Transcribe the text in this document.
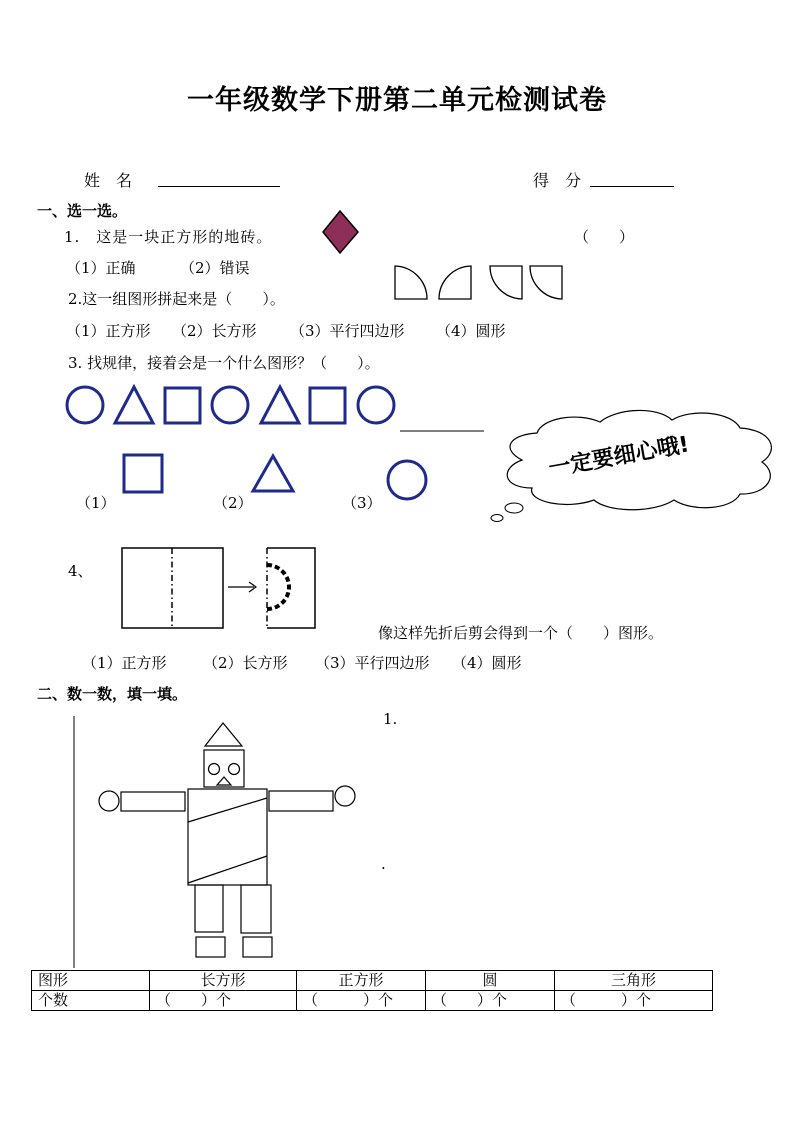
一年级数学下册第二单元检测试卷
姓　名	得　分
一、选一选。
1.　这是一块正方形的地砖。	（　　）
（1）正确	（2）错误
2.这一组图形拼起来是（　　）。
（1）正方形 （2）长方形 （3）平行四边形 （4）圆形
3. 找规律，接着会是一个什么图形？（　　）。
（1）	（2）	（3）
一定要细心哦!
4、
像这样先折后剪会得到一个（　　）图形。
（1）正方形 （2）长方形 （3）平行四边形 （4）圆形
二、数一数，填一填。
1.
.
图形	长方形	正方形	圆	三角形
个数	（　　）个	（　　　）个	（　　）个	（　　　）个
